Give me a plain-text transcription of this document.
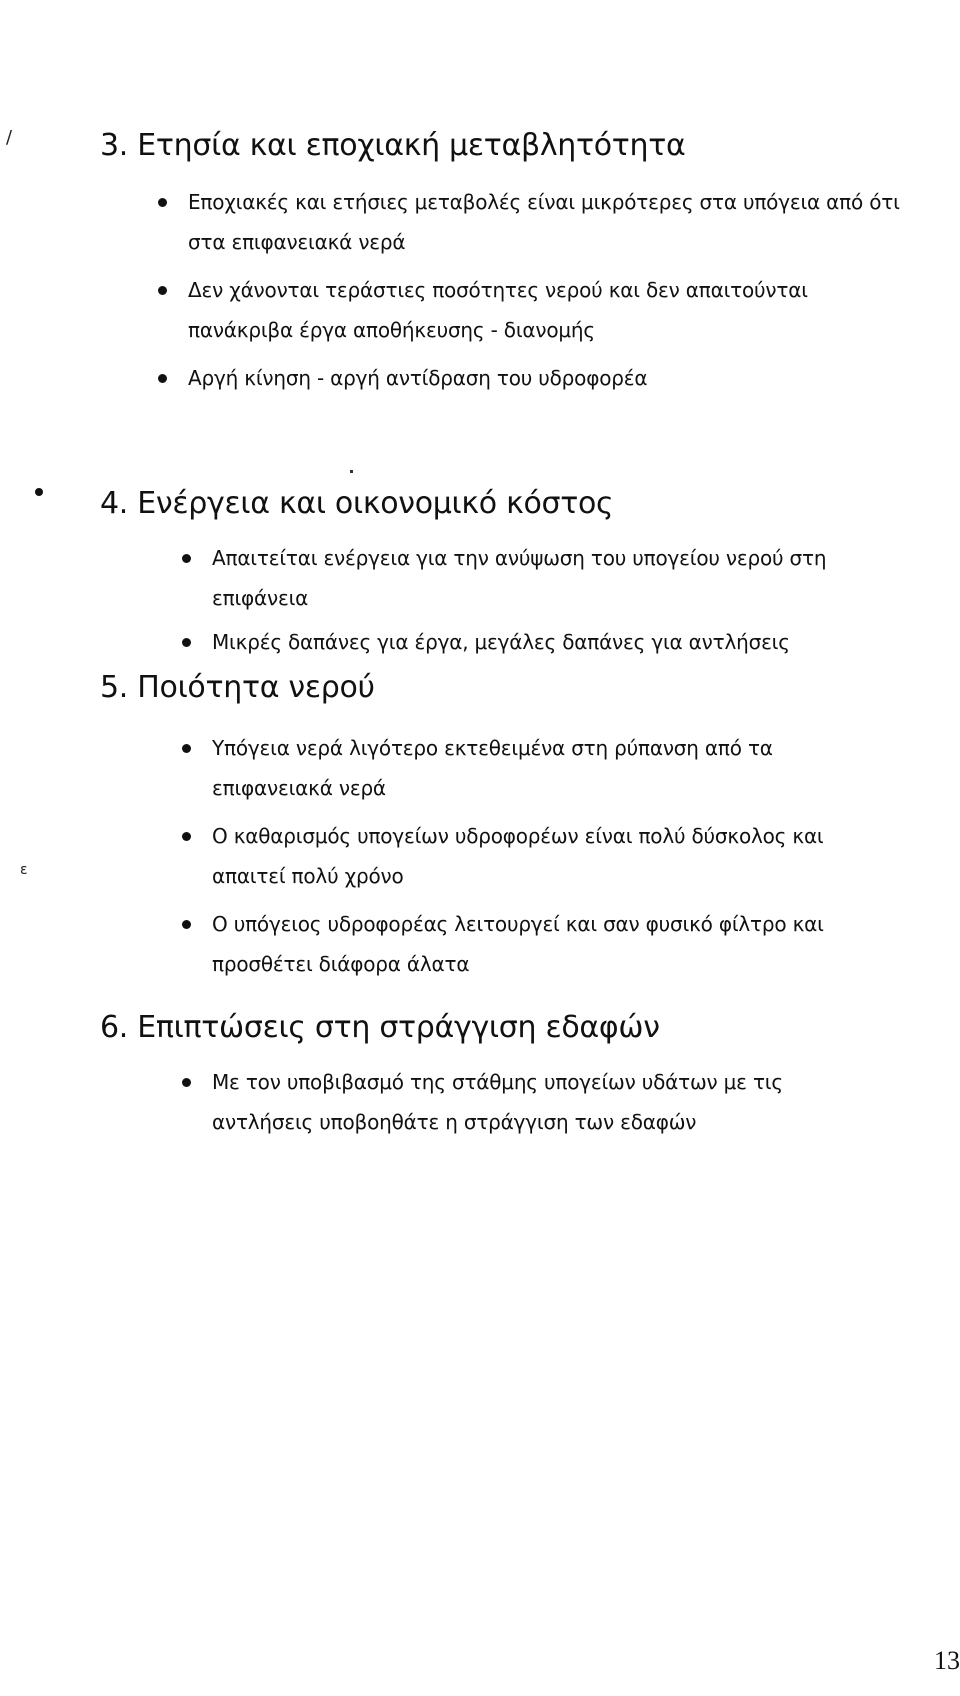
/
ε
3. Ετησία και εποχιακή μεταβλητότητα
Εποχιακές και ετήσιες μεταβολές είναι μικρότερες στα υπόγεια από ότι στα επιφανειακά νερά
Δεν χάνονται τεράστιες ποσότητες νερού και δεν απαιτούνται πανάκριβα έργα αποθήκευσης - διανομής
Αργή κίνηση - αργή αντίδραση του υδροφορέα
4. Ενέργεια και οικονομικό κόστος
Απαιτείται ενέργεια για την ανύψωση του υπογείου νερού στη επιφάνεια
Μικρές δαπάνες για έργα, μεγάλες δαπάνες για αντλήσεις
5. Ποιότητα νερού
Υπόγεια νερά λιγότερο εκτεθειμένα στη ρύπανση από τα επιφανειακά νερά
Ο καθαρισμός υπογείων υδροφορέων είναι πολύ δύσκολος και απαιτεί πολύ χρόνο
Ο υπόγειος υδροφορέας λειτουργεί και σαν φυσικό φίλτρο και προσθέτει διάφορα άλατα
6. Επιπτώσεις στη στράγγιση εδαφών
Με τον υποβιβασμό της στάθμης υπογείων υδάτων με τις αντλήσεις υποβοηθάτε η στράγγιση των εδαφών
13
